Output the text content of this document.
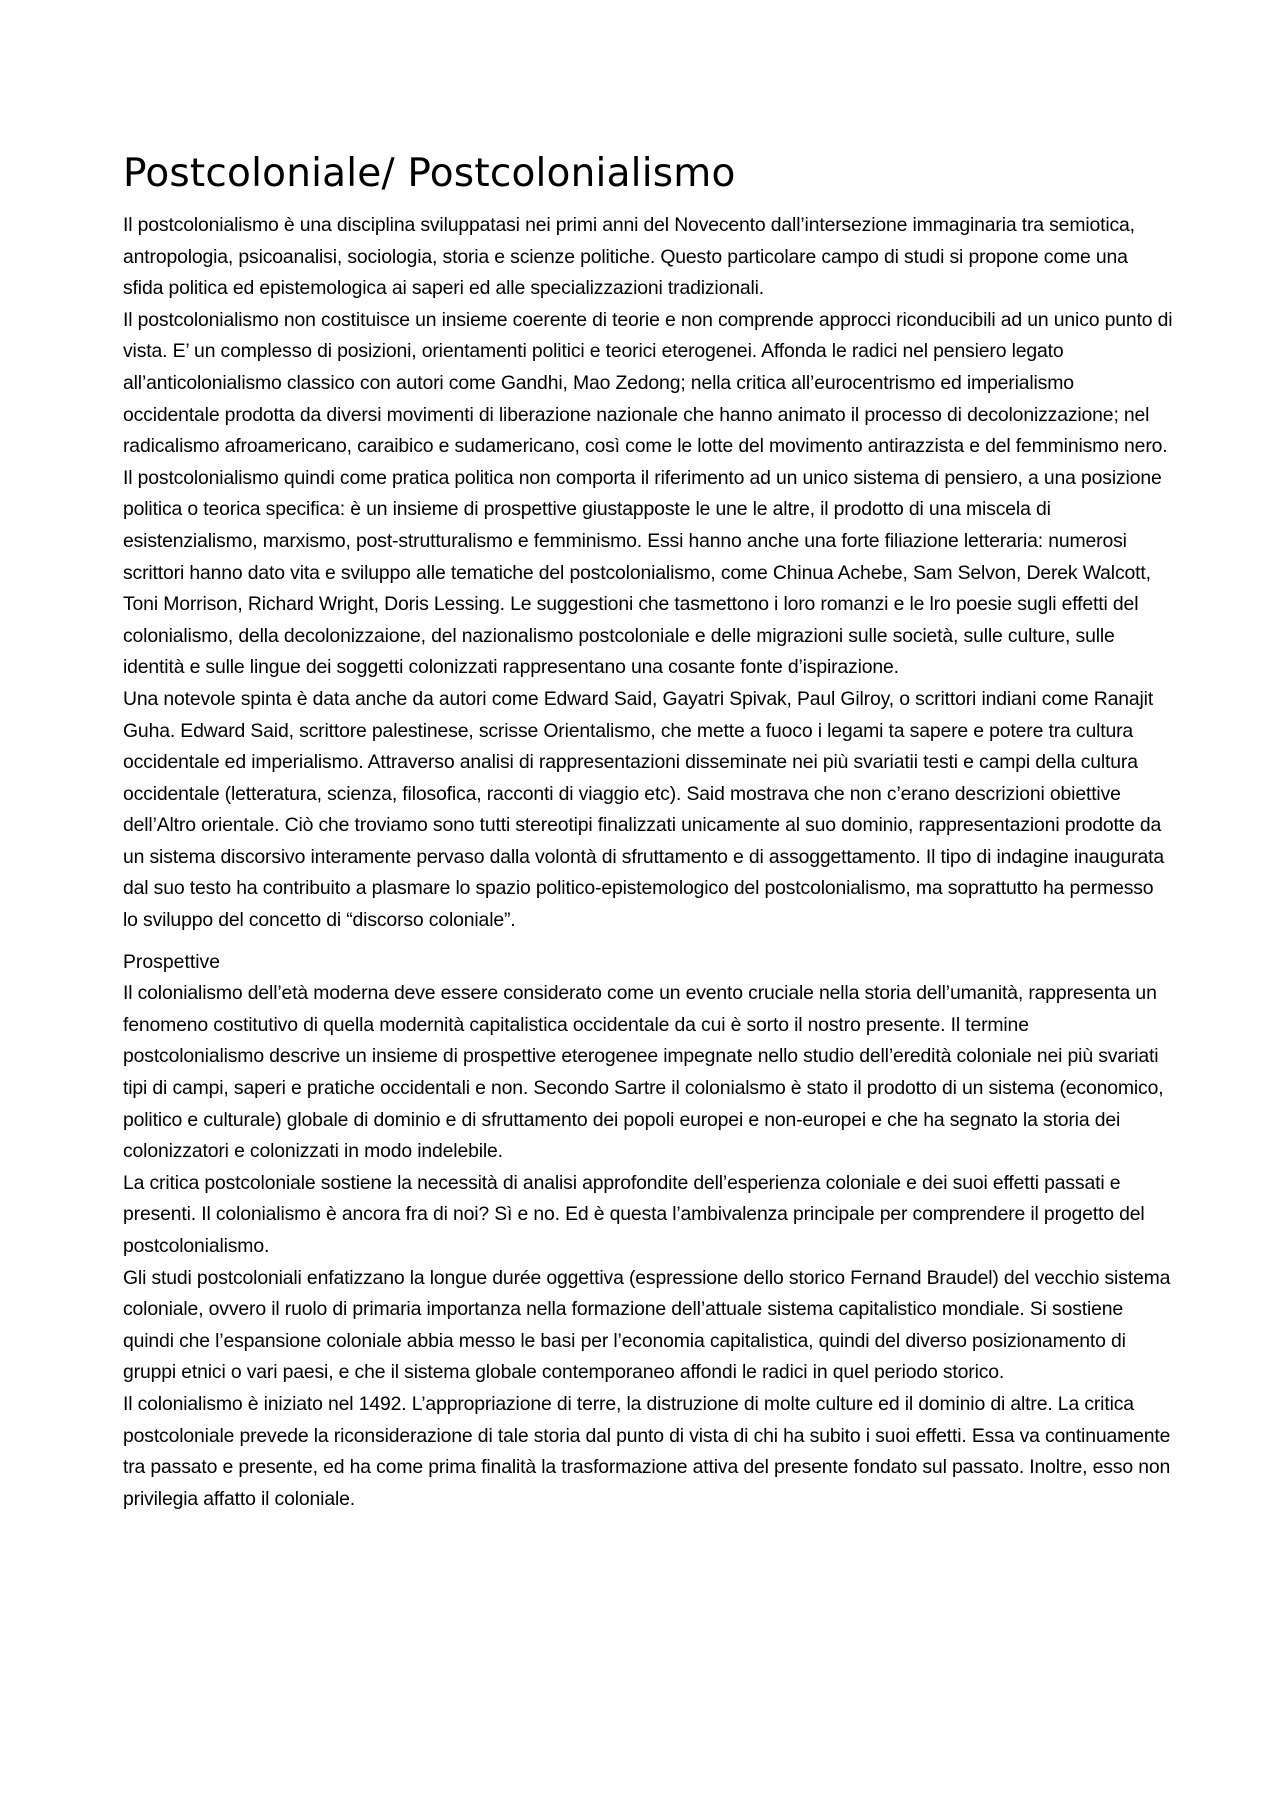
Postcoloniale/ Postcolonialismo

Il postcolonialismo è una disciplina sviluppatasi nei primi anni del Novecento dall’intersezione immaginaria tra semiotica, antropologia, psicoanalisi, sociologia, storia e scienze politiche. Questo particolare campo di studi si propone come una sfida politica ed epistemologica ai saperi ed alle specializzazioni tradizionali.

Il postcolonialismo non costituisce un insieme coerente di teorie e non comprende approcci riconducibili ad un unico punto di vista. E’ un complesso di posizioni, orientamenti politici e teorici eterogenei. Affonda le radici nel pensiero legato all’anticolonialismo classico con autori come Gandhi, Mao Zedong; nella critica all’eurocentrismo ed imperialismo occidentale prodotta da diversi movimenti di liberazione nazionale che hanno animato il processo di decolonizzazione; nel radicalismo afroamericano, caraibico e sudamericano, così come le lotte del movimento antirazzista e del femminismo nero. Il postcolonialismo quindi come pratica politica non comporta il riferimento ad un unico sistema di pensiero, a una posizione politica o teorica specifica: è un insieme di prospettive giustapposte le une le altre, il prodotto di una miscela di esistenzialismo, marxismo, post-strutturalismo e femminismo. Essi hanno anche una forte filiazione letteraria: numerosi scrittori hanno dato vita e sviluppo alle tematiche del postcolonialismo, come Chinua Achebe, Sam Selvon, Derek Walcott, Toni Morrison, Richard Wright, Doris Lessing. Le suggestioni che tasmettono i loro romanzi e le lro poesie sugli effetti del colonialismo, della decolonizzaione, del nazionalismo postcoloniale e delle migrazioni sulle società, sulle culture, sulle identità e sulle lingue dei soggetti colonizzati rappresentano una cosante fonte d’ispirazione.

Una notevole spinta è data anche da autori come Edward Said, Gayatri Spivak, Paul Gilroy, o scrittori indiani come Ranajit Guha. Edward Said, scrittore palestinese, scrisse Orientalismo, che mette a fuoco i legami ta sapere e potere tra cultura occidentale ed imperialismo. Attraverso analisi di rappresentazioni disseminate nei più svariatii testi e campi della cultura occidentale (letteratura, scienza, filosofica, racconti di viaggio etc). Said mostrava che non c’erano descrizioni obiettive dell’Altro orientale. Ciò che troviamo sono tutti stereotipi finalizzati unicamente al suo dominio, rappresentazioni prodotte da un sistema discorsivo interamente pervaso dalla volontà di sfruttamento e di assoggettamento. Il tipo di indagine inaugurata dal suo testo ha contribuito a plasmare lo spazio politico-epistemologico del postcolonialismo, ma soprattutto ha permesso lo sviluppo del concetto di “discorso coloniale”.

Prospettive

Il colonialismo dell’età moderna deve essere considerato come un evento cruciale nella storia dell’umanità, rappresenta un fenomeno costitutivo di quella modernità capitalistica occidentale da cui è sorto il nostro presente. Il termine postcolonialismo descrive un insieme di prospettive eterogenee impegnate nello studio dell’eredità coloniale nei più svariati tipi di campi, saperi e pratiche occidentali e non. Secondo Sartre il colonialsmo è stato il prodotto di un sistema (economico, politico e culturale) globale di dominio e di sfruttamento dei popoli europei e non-europei e che ha segnato la storia dei colonizzatori e colonizzati in modo indelebile.

La critica postcoloniale sostiene la necessità di analisi approfondite dell’esperienza coloniale e dei suoi effetti passati e presenti. Il colonialismo è ancora fra di noi? Sì e no. Ed è questa l’ambivalenza principale per comprendere il progetto del postcolonialismo.

Gli studi postcoloniali enfatizzano la longue durée oggettiva (espressione dello storico Fernand Braudel) del vecchio sistema coloniale, ovvero il ruolo di primaria importanza nella formazione dell’attuale sistema capitalistico mondiale. Si sostiene quindi che l’espansione coloniale abbia messo le basi per l’economia capitalistica, quindi del diverso posizionamento di gruppi etnici o vari paesi, e che il sistema globale contemporaneo affondi le radici in quel periodo storico.

Il colonialismo è iniziato nel 1492. L’appropriazione di terre, la distruzione di molte culture ed il dominio di altre. La critica postcoloniale prevede la riconsiderazione di tale storia dal punto di vista di chi ha subito i suoi effetti. Essa va continuamente tra passato e presente, ed ha come prima finalità la trasformazione attiva del presente fondato sul passato. Inoltre, esso non privilegia affatto il coloniale.
